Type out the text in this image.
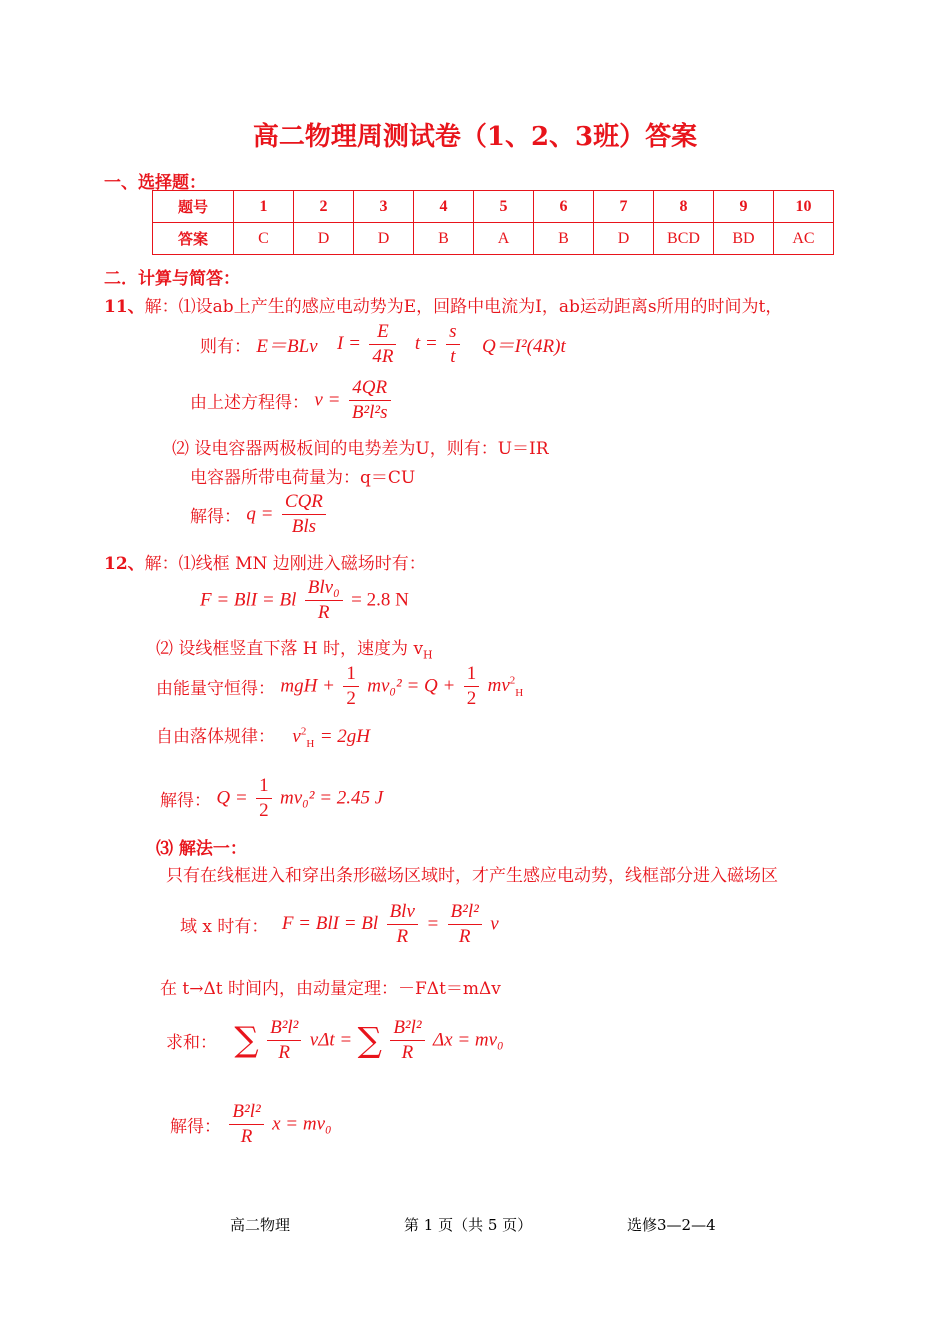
高二物理周测试卷（1、2、3班）答案
一、选择题：
题号	1	2	3	4	5	6	7	8	9	10
答案	C	D	D	B	A	B	D	BCD	BD	AC
二．计算与简答：
11、解：⑴设ab上产生的感应电动势为E，回路中电流为I，ab运动距离s所用的时间为t，
则有： E＝BLv $I = \frac{E}{4R}$ $t = \frac{s}{t} Q=I^2(4R)t$
由上述方程得： $v = \frac{4QR}{\text{B²l²s}}$
⑵ 设电容器两极板间的电势差为U，则有：U＝IR
电容器所带电荷量为：q＝CU
解得： $q = \frac{\text{CQR}}{\text{Bls}}$
12、解：⑴线框 MN 边刚进入磁场时有：
F = BlI = Bl $\frac{\text{Blv₀}}{R} = 2.8$ N
⑵ 设线框竖直下落 H 时，速度为 $v_H$
由能量守恒得： mgH + $\frac{1}{2} mv_0^2 = Q + \frac{1}{2} mv^2_H$
自由落体规律： $v^2_H = 2gH$
解得： $Q = \frac{1}{2} mv_0^2 = 2.45$ J
⑶ 解法一：
只有在线框进入和穿出条形磁场区域时，才产生感应电动势，线框部分进入磁场区
域 x 时有： F = BlI = Bl $\frac{\text{Blv}}{R} = \frac{\text{B²l²}}{R}$ v
在 t→Δt 时间内，由动量定理：－FΔt＝mΔv
求和： ∑ $\frac{\text{B²l²}}{R}$ vΔt = ∑ $\frac{\text{B²l²}}{R}$ Δx = mv₀
解得： $\frac{\text{B²l²}}{R}$ x = mv₀
高二物理	第 1 页（共 5 页）	选修3—2—4
